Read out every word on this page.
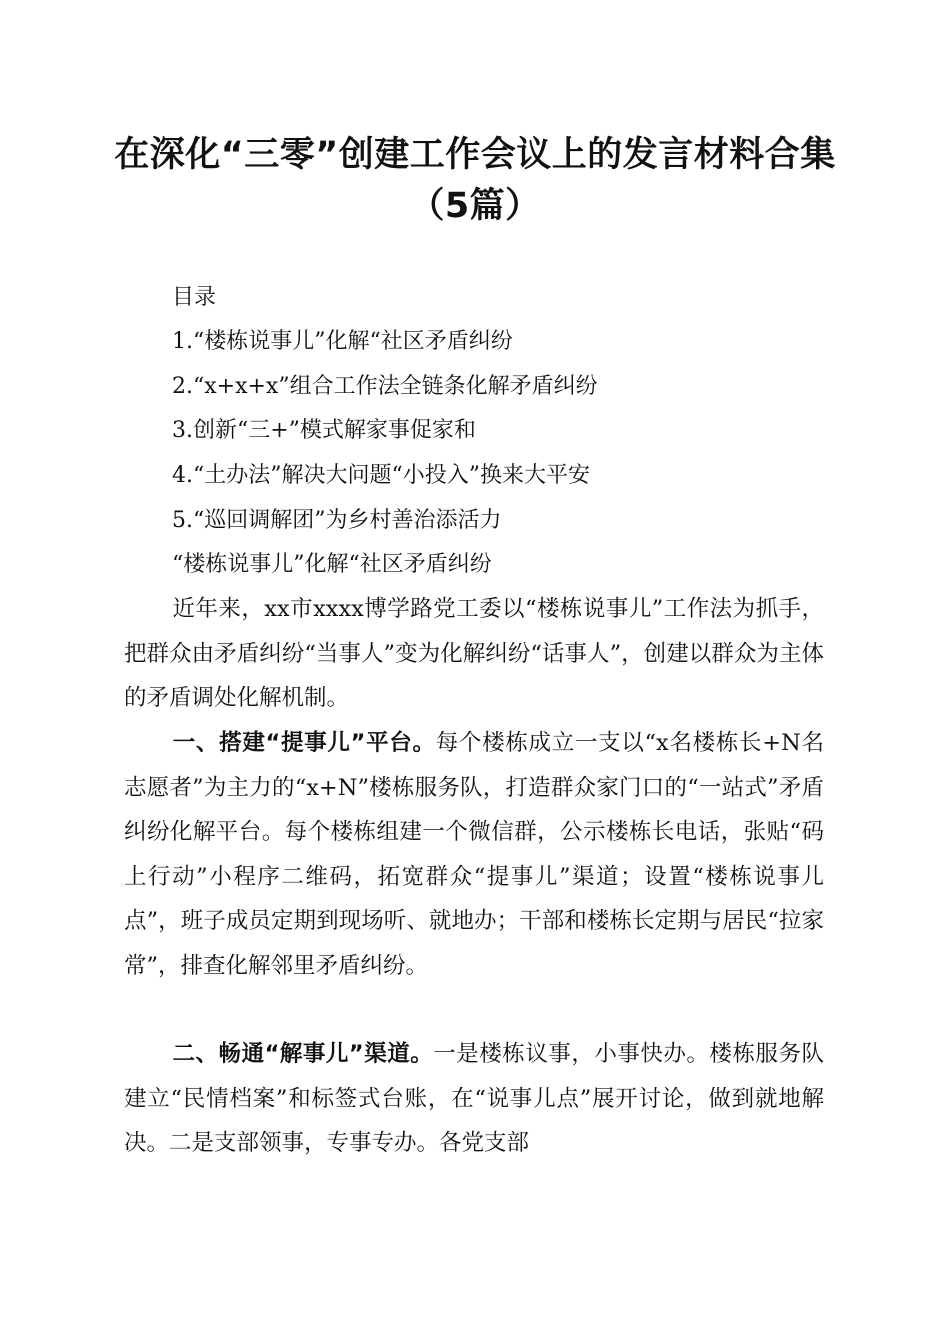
在深化“三零”创建工作会议上的发言材料合集（5篇）
目录
1.“楼栋说事儿”化解“社区矛盾纠纷
2.“x+x+x”组合工作法全链条化解矛盾纠纷
3.创新“三+”模式解家事促家和
4.“土办法”解决大问题“小投入”换来大平安
5.“巡回调解团”为乡村善治添活力
“楼栋说事儿”化解“社区矛盾纠纷

近年来，xx市xxxx博学路党工委以“楼栋说事儿”工作法为抓手，把群众由矛盾纠纷“当事人”变为化解纠纷“话事人”，创建以群众为主体的矛盾调处化解机制。

一、搭建“提事儿”平台。每个楼栋成立一支以“x名楼栋长+N名志愿者”为主力的“x+N”楼栋服务队，打造群众家门口的“一站式”矛盾纠纷化解平台。每个楼栋组建一个微信群，公示楼栋长电话，张贴“码上行动”小程序二维码，拓宽群众“提事儿”渠道；设置“楼栋说事儿点”，班子成员定期到现场听、就地办；干部和楼栋长定期与居民“拉家常”，排查化解邻里矛盾纠纷。

二、畅通“解事儿”渠道。一是楼栋议事，小事快办。楼栋服务队建立“民情档案”和标签式台账，在“说事儿点”展开讨论，做到就地解决。二是支部领事，专事专办。各党支部
